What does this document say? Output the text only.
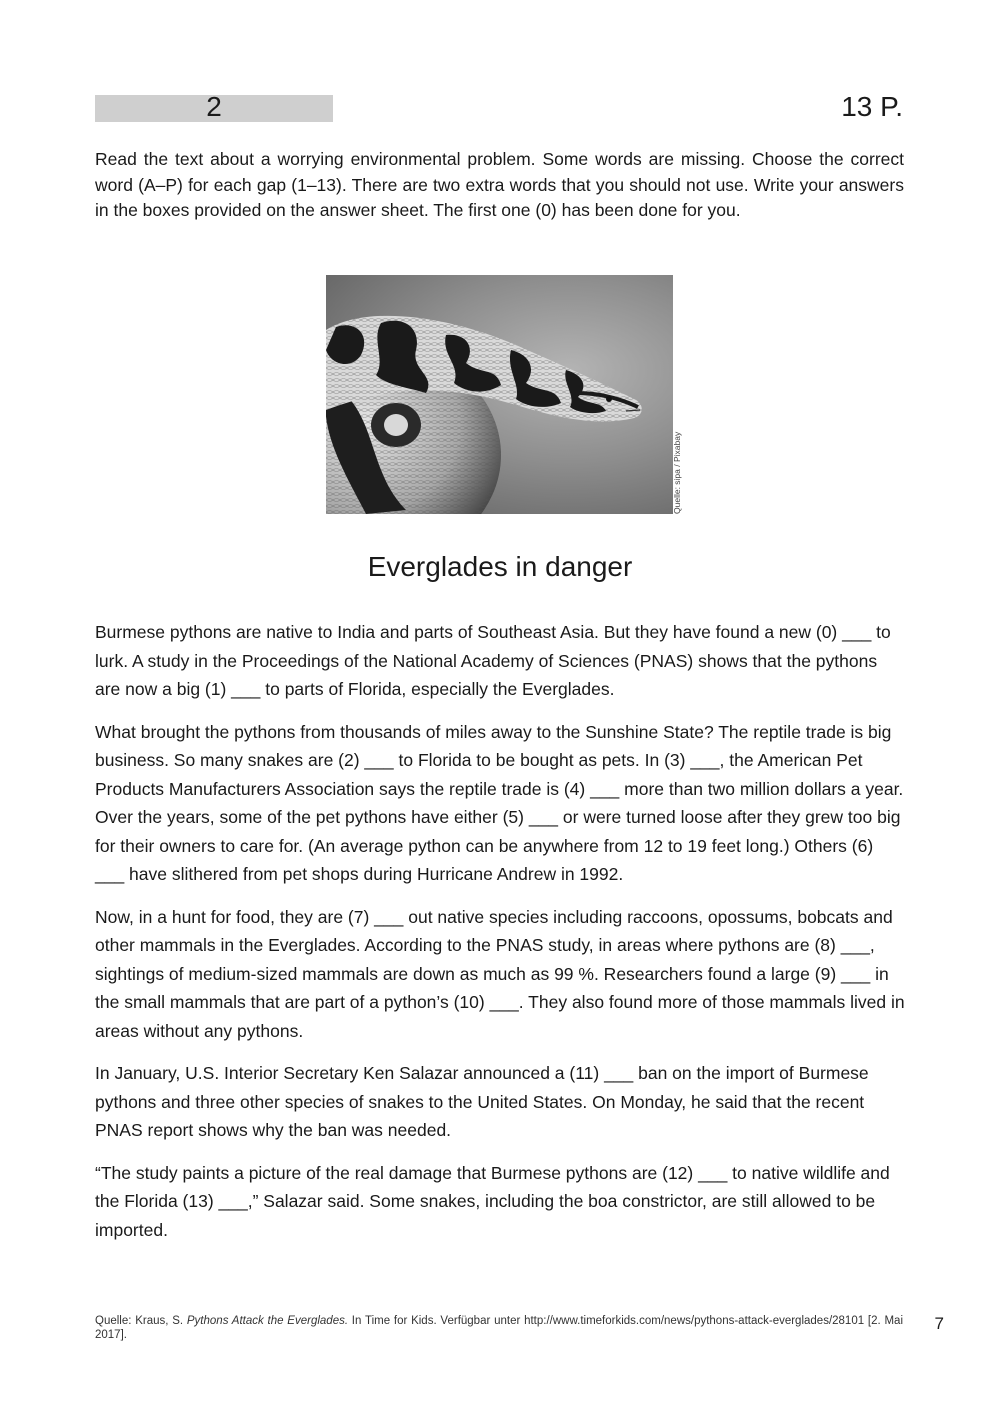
2	13 P.

Read the text about a worrying environmental problem. Some words are missing. Choose the correct word (A–P) for each gap (1–13). There are two extra words that you should not use. Write your answers in the boxes provided on the answer sheet. The first one (0) has been done for you.

Quelle: sipa / Pixabay
Everglades in danger

Burmese pythons are native to India and parts of Southeast Asia. But they have found a new (0) ___ to lurk. A study in the Proceedings of the National Academy of Sciences (PNAS) shows that the pythons are now a big (1) ___ to parts of Florida, especially the Everglades.

What brought the pythons from thousands of miles away to the Sunshine State? The reptile trade is big business. So many snakes are (2) ___ to Florida to be bought as pets. In (3) ___, the American Pet Products Manufacturers Association says the reptile trade is (4) ___ more than two million dollars a year. Over the years, some of the pet pythons have either (5) ___ or were turned loose after they grew too big for their owners to care for. (An average python can be anywhere from 12 to 19 feet long.) Others (6) ___ have slithered from pet shops during Hurricane Andrew in 1992.

Now, in a hunt for food, they are (7) ___ out native species including raccoons, opossums, bobcats and other mammals in the Everglades. According to the PNAS study, in areas where pythons are (8) ___, sightings of medium-sized mammals are down as much as 99 %. Researchers found a large (9) ___ in the small mammals that are part of a python’s (10) ___. They also found more of those mammals lived in areas without any pythons.

In January, U.S. Interior Secretary Ken Salazar announced a (11) ___ ban on the import of Burmese pythons and three other species of snakes to the United States. On Monday, he said that the recent PNAS report shows why the ban was needed.

“The study paints a picture of the real damage that Burmese pythons are (12) ___ to native wildlife and the Florida (13) ___,” Salazar said. Some snakes, including the boa constrictor, are still allowed to be imported.

Quelle: Kraus, S. Pythons Attack the Everglades. In Time for Kids. Verfügbar unter http://www.timeforkids.com/news/pythons-attack-everglades/28101 [2. Mai 2017].

7
